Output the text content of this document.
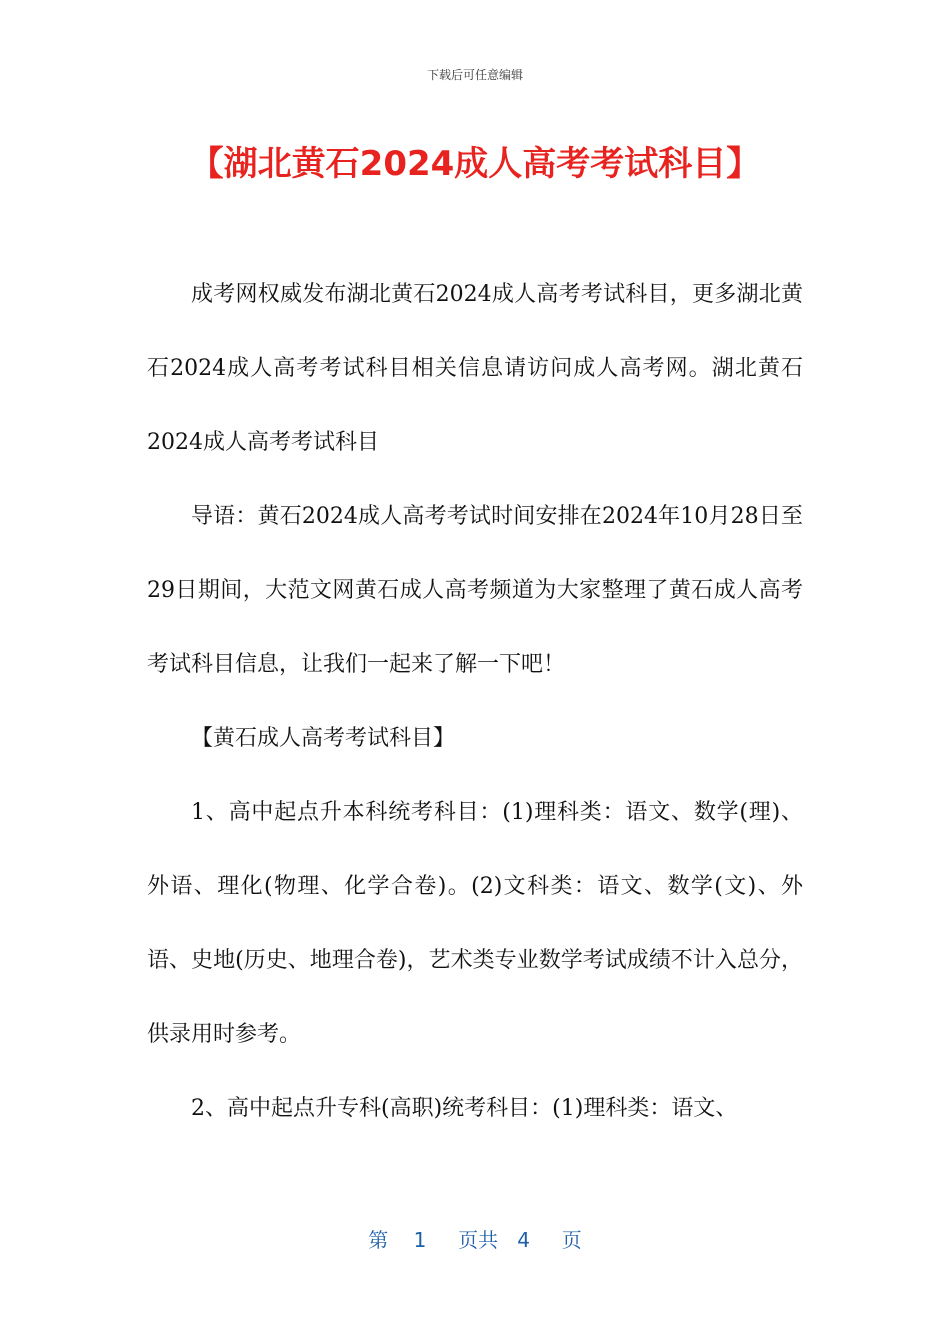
下载后可任意编辑
【湖北黄石2024成人高考考试科目】

成考网权威发布湖北黄石2024成人高考考试科目，更多湖北黄石2024成人高考考试科目相关信息请访问成人高考网。湖北黄石2024成人高考考试科目

导语：黄石2024成人高考考试时间安排在2024年10月28日至29日期间，大范文网黄石成人高考频道为大家整理了黄石成人高考考试科目信息，让我们一起来了解一下吧！

【黄石成人高考考试科目】

1、高中起点升本科统考科目：(1)理科类：语文、数学(理)、外语、理化(物理、化学合卷)。(2)文科类：语文、数学(文)、外语、史地(历史、地理合卷)，艺术类专业数学考试成绩不计入总分，供录用时参考。

2、高中起点升专科(高职)统考科目：(1)理科类：语文、

第 1 页共 4 页
